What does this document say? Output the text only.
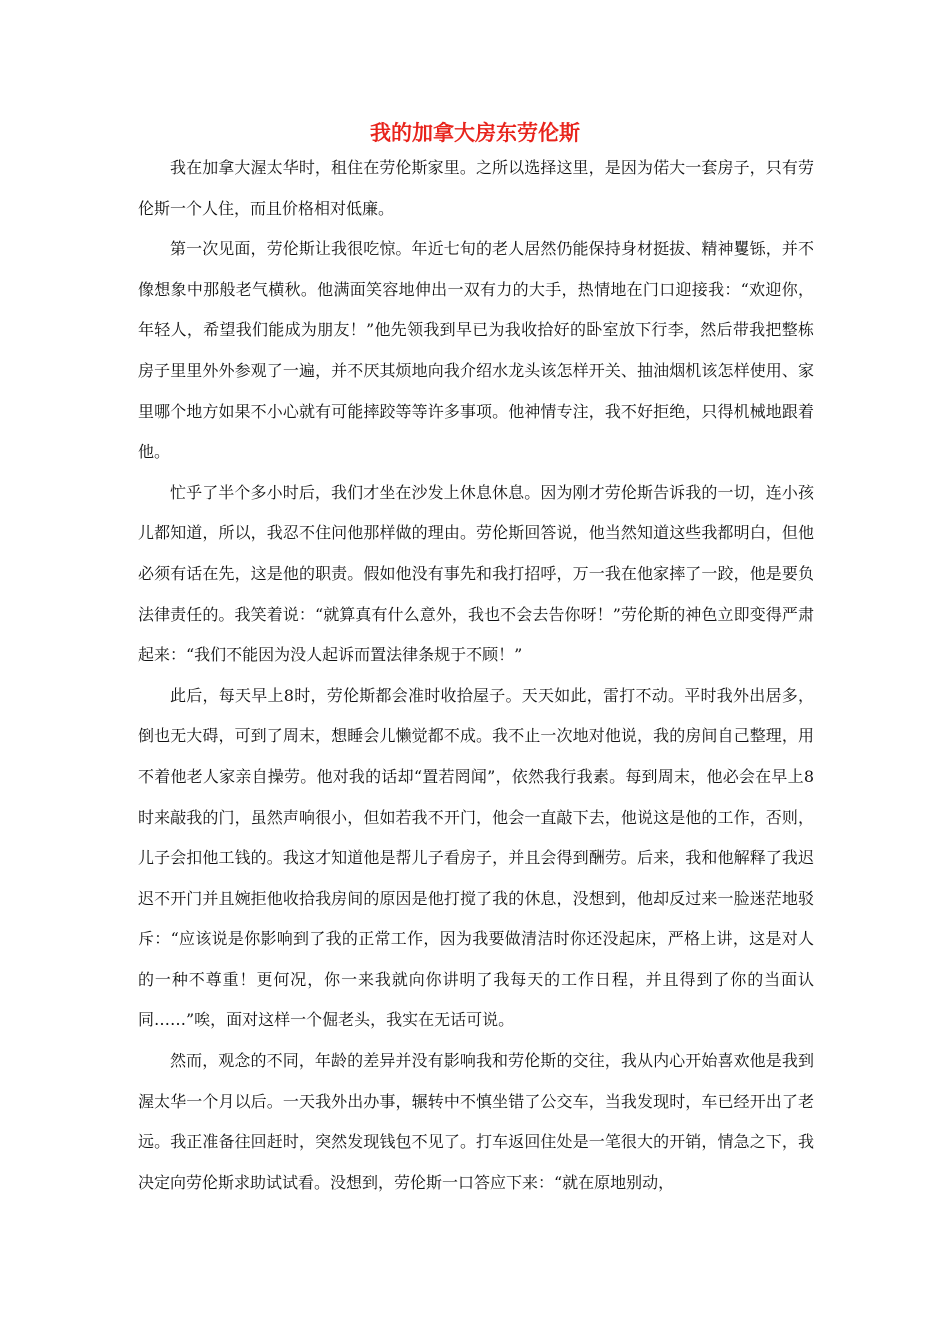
我的加拿大房东劳伦斯

我在加拿大渥太华时，租住在劳伦斯家里。之所以选择这里，是因为偌大一套房子，只有劳伦斯一个人住，而且价格相对低廉。

第一次见面，劳伦斯让我很吃惊。年近七旬的老人居然仍能保持身材挺拔、精神矍铄，并不像想象中那般老气横秋。他满面笑容地伸出一双有力的大手，热情地在门口迎接我：“欢迎你，年轻人，希望我们能成为朋友！”他先领我到早已为我收拾好的卧室放下行李，然后带我把整栋房子里里外外参观了一遍，并不厌其烦地向我介绍水龙头该怎样开关、抽油烟机该怎样使用、家里哪个地方如果不小心就有可能摔跤等等许多事项。他神情专注，我不好拒绝，只得机械地跟着他。

忙乎了半个多小时后，我们才坐在沙发上休息休息。因为刚才劳伦斯告诉我的一切，连小孩儿都知道，所以，我忍不住问他那样做的理由。劳伦斯回答说，他当然知道这些我都明白，但他必须有话在先，这是他的职责。假如他没有事先和我打招呼，万一我在他家摔了一跤，他是要负法律责任的。我笑着说：“就算真有什么意外，我也不会去告你呀！”劳伦斯的神色立即变得严肃起来：“我们不能因为没人起诉而置法律条规于不顾！”

此后，每天早上8时，劳伦斯都会准时收拾屋子。天天如此，雷打不动。平时我外出居多，倒也无大碍，可到了周末，想睡会儿懒觉都不成。我不止一次地对他说，我的房间自己整理，用不着他老人家亲自操劳。他对我的话却“置若罔闻”，依然我行我素。每到周末，他必会在早上8时来敲我的门，虽然声响很小，但如若我不开门，他会一直敲下去，他说这是他的工作，否则，儿子会扣他工钱的。我这才知道他是帮儿子看房子，并且会得到酬劳。后来，我和他解释了我迟迟不开门并且婉拒他收拾我房间的原因是他打搅了我的休息，没想到，他却反过来一脸迷茫地驳斥：“应该说是你影响到了我的正常工作，因为我要做清洁时你还没起床，严格上讲，这是对人的一种不尊重！更何况，你一来我就向你讲明了我每天的工作日程，并且得到了你的当面认同……”唉，面对这样一个倔老头，我实在无话可说。

然而，观念的不同，年龄的差异并没有影响我和劳伦斯的交往，我从内心开始喜欢他是我到渥太华一个月以后。一天我外出办事，辗转中不慎坐错了公交车，当我发现时，车已经开出了老远。我正准备往回赶时，突然发现钱包不见了。打车返回住处是一笔很大的开销，情急之下，我决定向劳伦斯求助试试看。没想到，劳伦斯一口答应下来：“就在原地别动，
